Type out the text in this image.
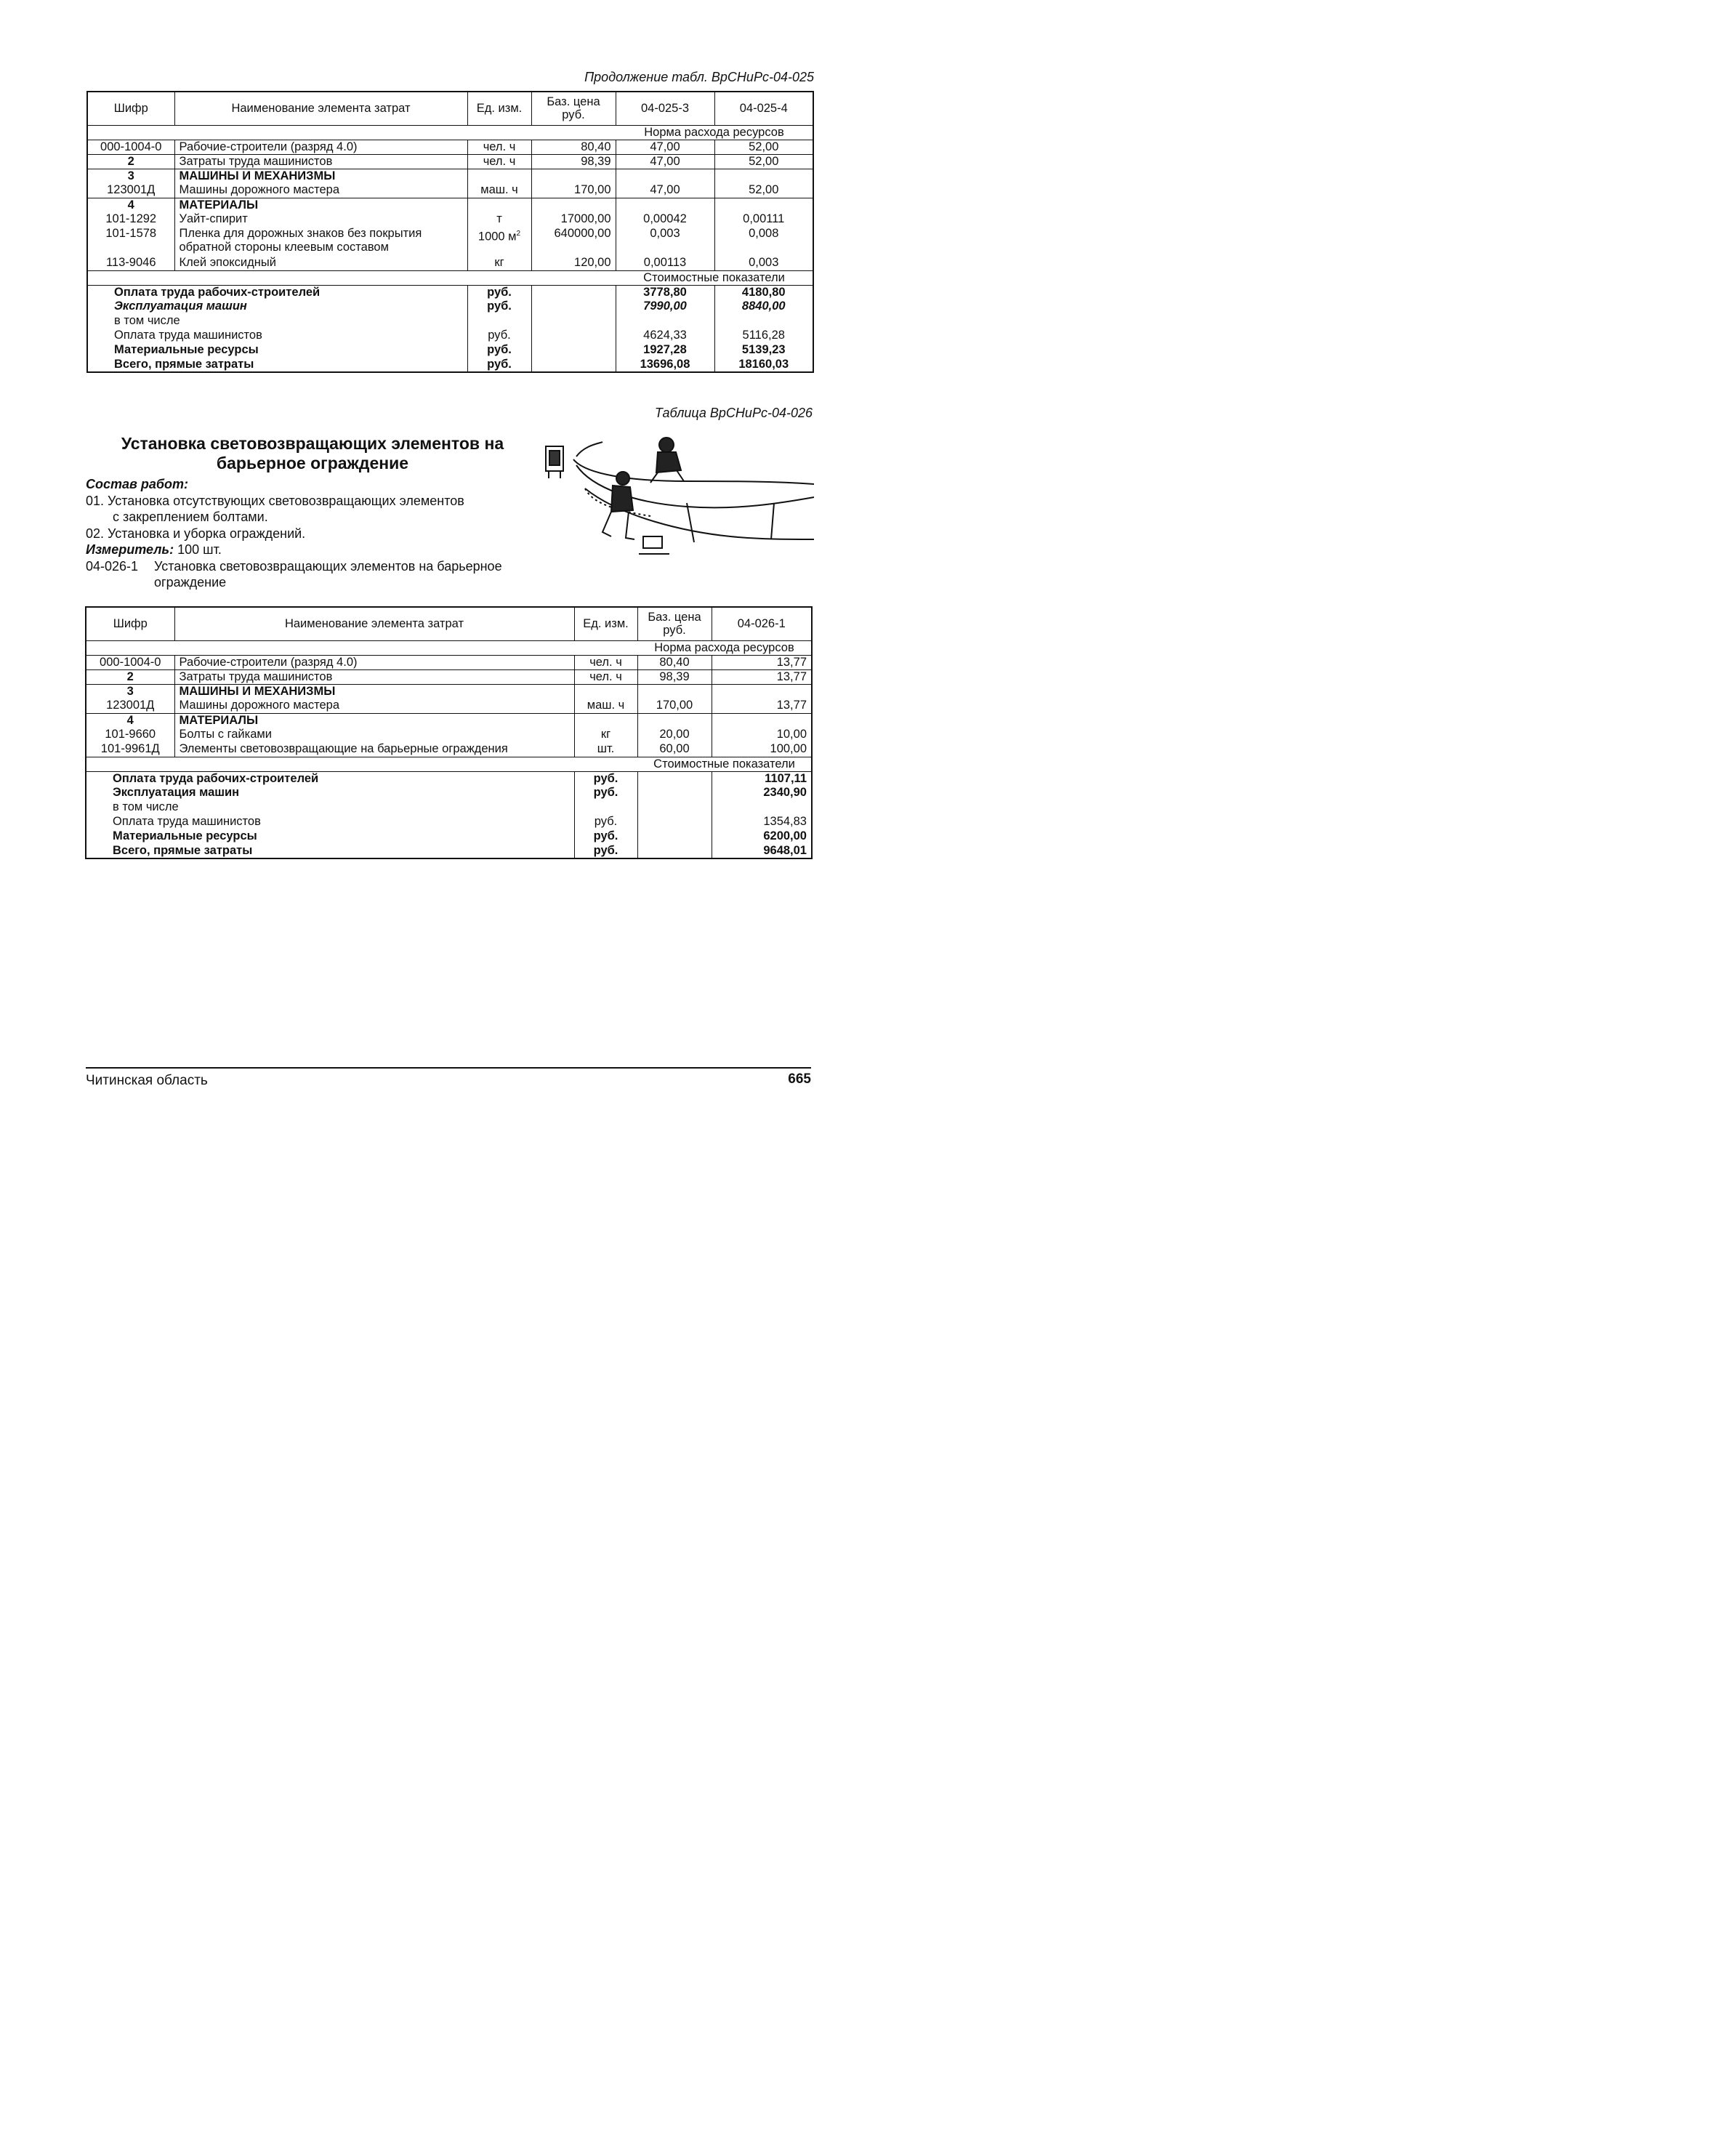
Продолжение табл. ВрСНиРс-04-025
Шифр	Наименование элемента затрат	Ед. изм.	Баз. цена руб.	04-025-3	04-025-4
				Норма расхода ресурсов	
000-1004-0	Рабочие-строители (разряд 4.0)	чел. ч	80,40	47,00	52,00
2	Затраты труда машинистов	чел. ч	98,39	47,00	52,00
3	МАШИНЫ И МЕХАНИЗМЫ				
123001Д	Машины дорожного мастера	маш. ч	170,00	47,00	52,00
4	МАТЕРИАЛЫ				
101-1292	Уайт-спирит	т	17000,00	0,00042	0,00111
101-1578	Пленка для дорожных знаков без покрытия обратной стороны клеевым составом	1000 $м^2$	640000,00	0,003	0,008
113-9046	Клей эпоксидный	кг	120,00	0,00113	0,003
				Стоимостные показатели	
Оплата труда рабочих-строителей		руб.		3778,80	4180,80
Эксплуатация машин		руб.		7990,00	8840,00
в том числе					
Оплата труда машинистов		руб.		4624,33	5116,28
Материальные ресурсы		руб.		1927,28	5139,23
Всего, прямые затраты		руб.		13696,08	18160,03
Таблица ВрСНиРс-04-026
Установка световозвращающих элементов на барьерное ограждение
Состав работ:
01. Установка отсутствующих световозвращающих элементов
с закреплением болтами.
02. Установка и уборка ограждений.
Измеритель: 100 шт.
04-026-1 Установка световозвращающих элементов на барьерное
ограждение
Шифр	Наименование элемента затрат	Ед. изм.	Баз. цена руб.	04-026-1
			Норма расхода ресурсов	
000-1004-0	Рабочие-строители (разряд 4.0)	чел. ч	80,40	13,77
2	Затраты труда машинистов	чел. ч	98,39	13,77
3	МАШИНЫ И МЕХАНИЗМЫ			
123001Д	Машины дорожного мастера	маш. ч	170,00	13,77
4	МАТЕРИАЛЫ			
101-9660	Болты с гайками	кг	20,00	10,00
101-9961Д	Элементы световозвращающие на барьерные ограждения	шт.	60,00	100,00
			Стоимостные показатели	
Оплата труда рабочих-строителей		руб.		1107,11
Эксплуатация машин		руб.		2340,90
в том числе				
Оплата труда машинистов		руб.		1354,83
Материальные ресурсы		руб.		6200,00
Всего, прямые затраты		руб.		9648,01
Читинская область	665
